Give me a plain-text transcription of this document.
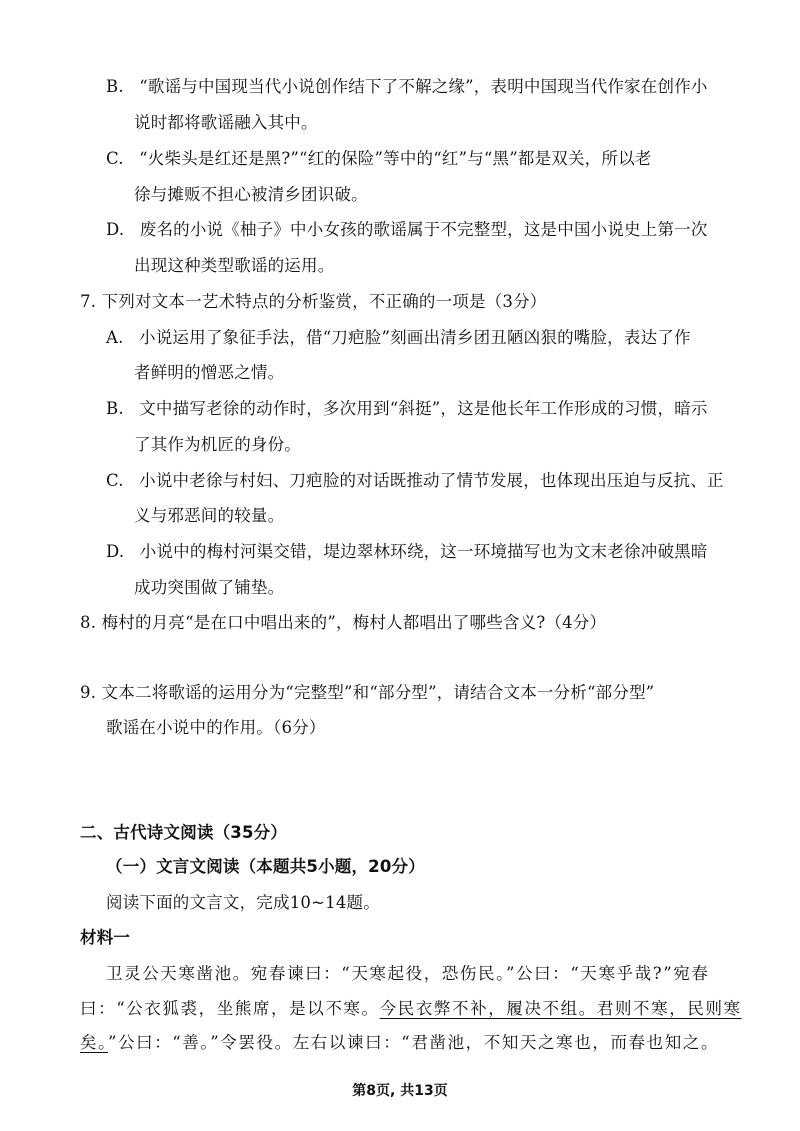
B. “歌谣与中国现当代小说创作结下了不解之缘”，表明中国现当代作家在创作小
说时都将歌谣融入其中。
C. “火柴头是红还是黑?”“红的保险”等中的“红”与“黑”都是双关，所以老
徐与摊贩不担心被清乡团识破。
D. 废名的小说《柚子》中小女孩的歌谣属于不完整型，这是中国小说史上第一次
出现这种类型歌谣的运用。
7. 下列对文本一艺术特点的分析鉴赏，不正确的一项是（3分）
A. 小说运用了象征手法，借“刀疤脸”刻画出清乡团丑陋凶狠的嘴脸，表达了作
者鲜明的憎恶之情。
B. 文中描写老徐的动作时，多次用到“斜挺”，这是他长年工作形成的习惯，暗示
了其作为机匠的身份。
C. 小说中老徐与村妇、刀疤脸的对话既推动了情节发展，也体现出压迫与反抗、正
义与邪恶间的较量。
D. 小说中的梅村河渠交错，堤边翠林环绕，这一环境描写也为文末老徐冲破黑暗
成功突围做了铺垫。
8. 梅村的月亮“是在口中唱出来的”，梅村人都唱出了哪些含义?（4分）
9. 文本二将歌谣的运用分为“完整型”和“部分型”，请结合文本一分析“部分型”
歌谣在小说中的作用。（6分）
二、古代诗文阅读（35分）
（一）文言文阅读（本题共5小题，20分）
阅读下面的文言文，完成10~14题。
材料一
卫灵公天寒凿池。宛春谏曰：“天寒起役，恐伤民。”公曰：“天寒乎哉?”宛春
曰：“公衣狐裘，坐熊席，是以不寒。今民衣弊不补，履决不组。君则不寒，民则寒
矣。”公曰：“善。”令罢役。左右以谏曰：“君凿池，不知天之寒也，而春也知之。
第8页, 共13页
